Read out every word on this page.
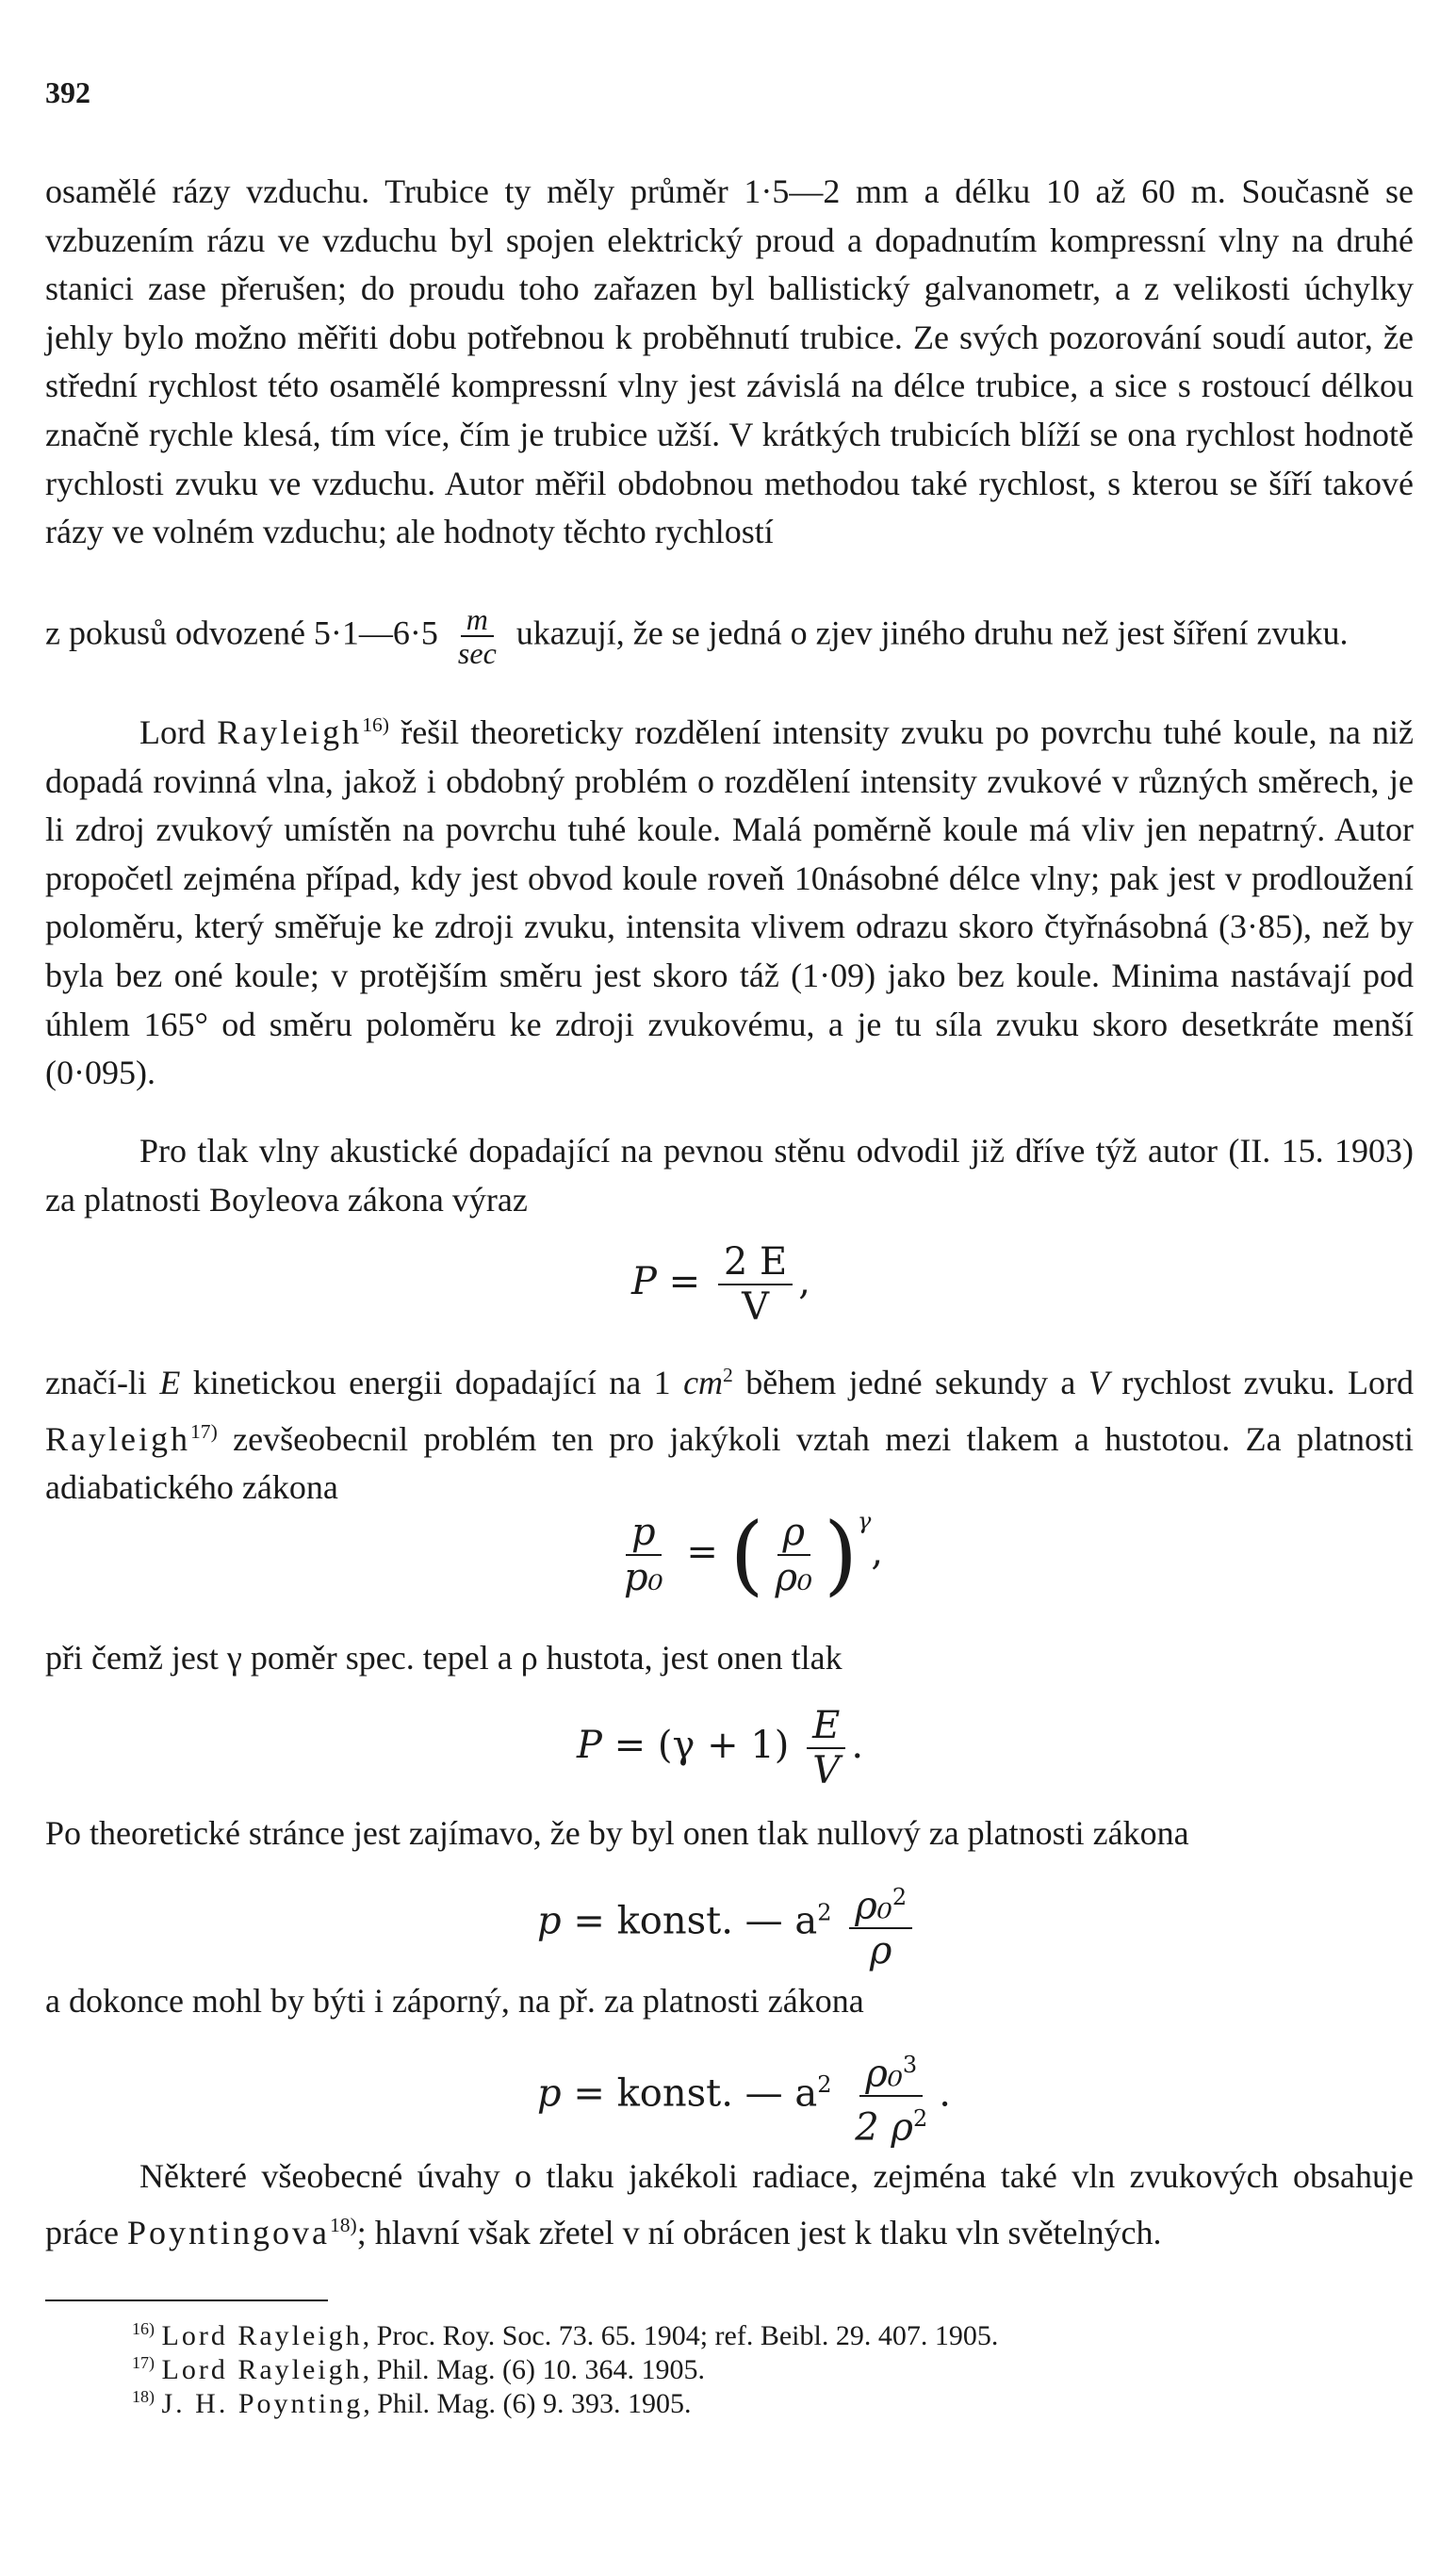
392

osamělé rázy vzduchu. Trubice ty měly průměr 1·5—2 mm a délku 10 až 60 m. Současně se vzbuzením rázu ve vzduchu byl spojen elektrický proud a dopadnutím kompressní vlny na druhé stanici zase přerušen; do proudu toho zařazen byl ballistický galvanometr, a z velikosti úchylky jehly bylo možno měřiti dobu potřebnou k proběhnutí trubice. Ze svých pozorování soudí autor, že střední rychlost této osamělé kompressní vlny jest závislá na délce trubice, a sice s rostoucí délkou značně rychle klesá, tím více, čím je trubice užší. V krátkých trubicích blíží se ona rychlost hodnotě rychlosti zvuku ve vzduchu. Autor měřil obdobnou methodou také rychlost, s kterou se šíří takové rázy ve volném vzduchu; ale hodnoty těchto rychlostí

z pokusů odvozené 5·1—6·5 $\frac{m}{\sec}$ ukazují, že se jedná o zjev jiného druhu než jest šíření zvuku.

Lord Rayleigh$^{16)}$ řešil theoreticky rozdělení intensity zvuku po povrchu tuhé koule, na niž dopadá rovinná vlna, jakož i obdobný problém o rozdělení intensity zvukové v různých směrech, je li zdroj zvukový umístěn na povrchu tuhé koule. Malá poměrně koule má vliv jen nepatrný. Autor propočetl zejména případ, kdy jest obvod koule roveň 10násobné délce vlny; pak jest v prodloužení poloměru, který směřuje ke zdroji zvuku, intensita vlivem odrazu skoro čtyřnásobná (3·85), než by byla bez oné koule; v protějším směru jest skoro táž (1·09) jako bez koule. Minima nastávají pod úhlem 165° od směru poloměru ke zdroji zvukovému, a je tu síla zvuku skoro desetkráte menší (0·095).

Pro tlak vlny akustické dopadající na pevnou stěnu odvodil již dříve týž autor (II. 15. 1903) za platnosti Boyleova zákona výraz

$P = \frac{2 E}{V}$ ,

značí-li E kinetickou energii dopadající na 1 $cm^2$ během jedné sekundy a V rychlost zvuku. Lord Rayleigh$^{17)}$ zevšeobecnil problém ten pro jakýkoli vztah mezi tlakem a hustotou. Za platnosti adiabatického zákona

$\frac{p}{\text{p₀}}$ = ( $\frac{\rho}{\text{ρ₀}} )^\gamma$,

při čemž jest γ poměr spec. tepel a ρ hustota, jest onen tlak

$P = (\gamma + 1) \frac{E}{V}$ .

Po theoretické stránce jest zajímavo, že by byl onen tlak nullový za platnosti zákona

p = konst. — $a^2 \frac{\rho_0^2}{\rho}$

a dokonce mohl by býti i záporný, na př. za platnosti zákona

p = konst. — $a^2 \frac{\rho_0^3}{2 \rho^2}$ .

Některé všeobecné úvahy o tlaku jakékoli radiace, zejména také vln zvukových obsahuje práce Poyntingova$^{18)}$; hlavní však zřetel v ní obrácen jest k tlaku vln světelných.

$^{16)}$ Lord Rayleigh, Proc. Roy. Soc. 73. 65. 1904; ref. Beibl. 29. 407. 1905.
$^{17)}$ Lord Rayleigh, Phil. Mag. (6) 10. 364. 1905.
$^{18)}$ J. H. Poynting, Phil. Mag. (6) 9. 393. 1905.
